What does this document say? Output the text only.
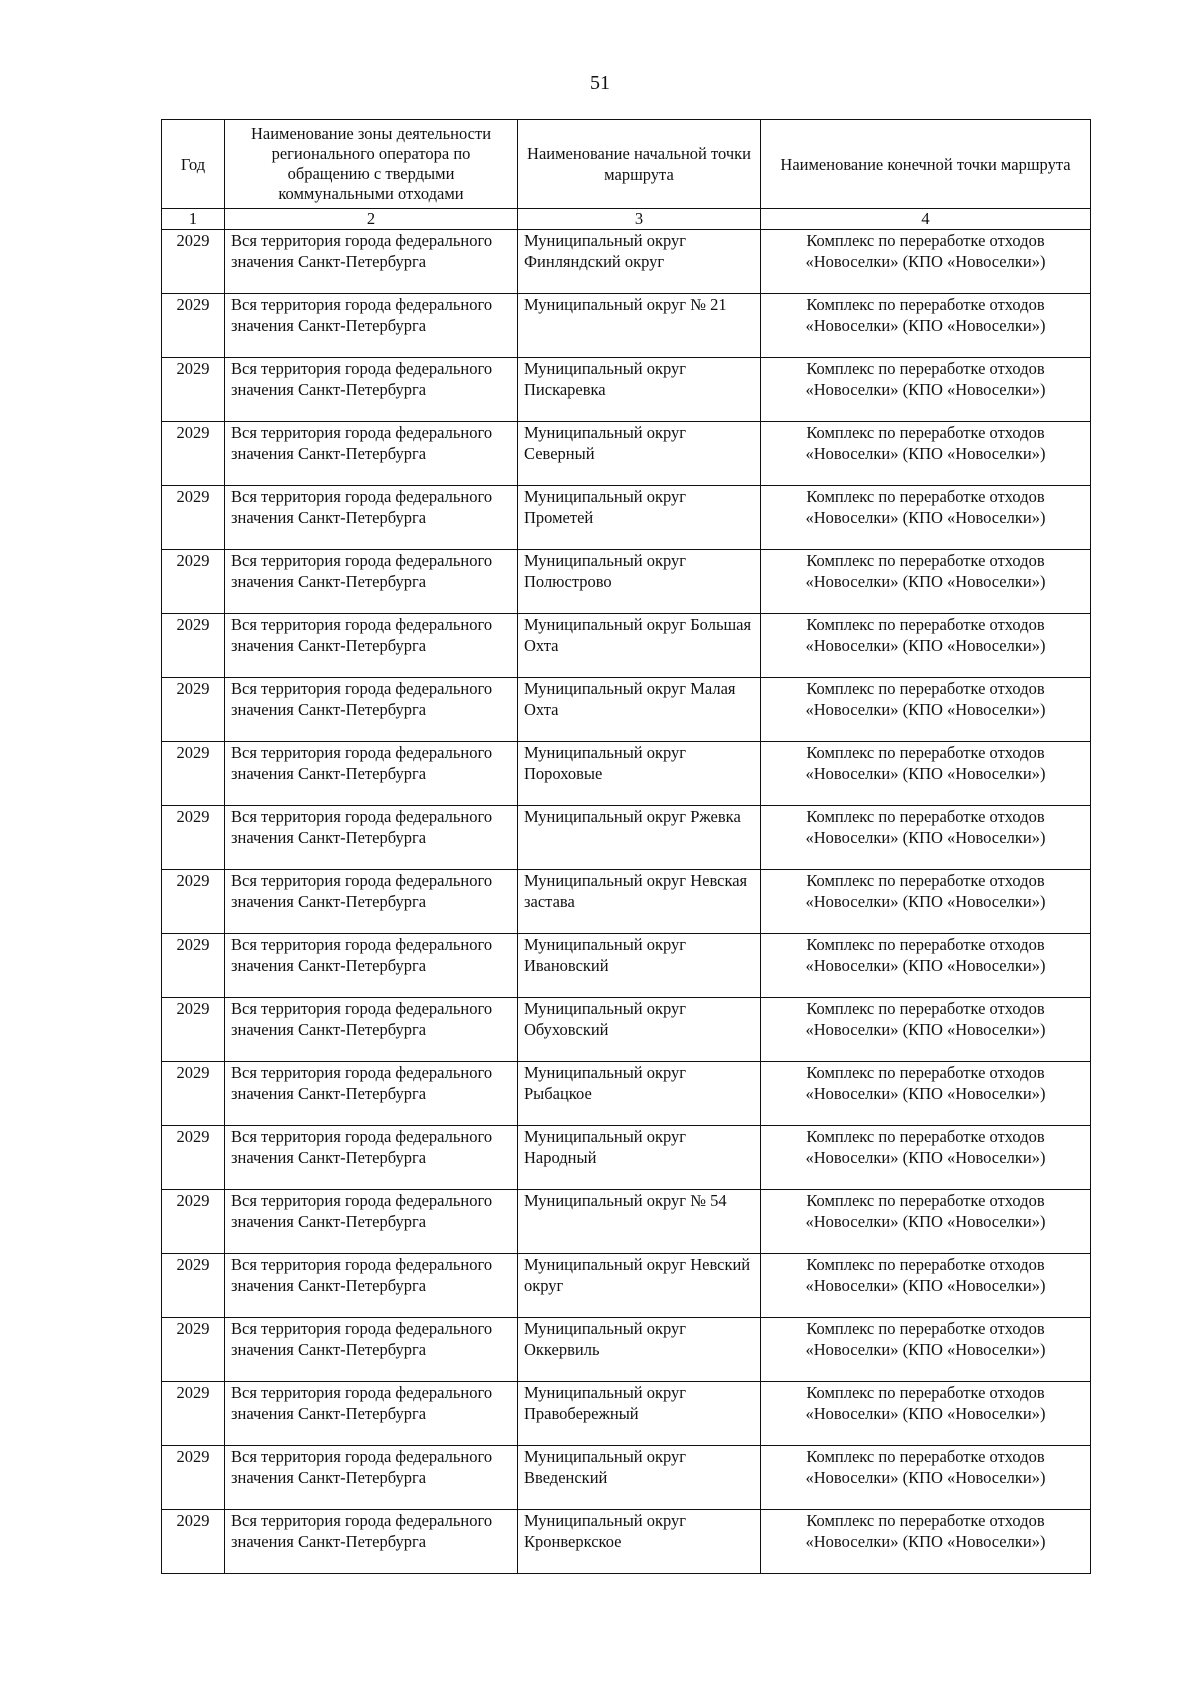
51
Год	Наименование зоны деятельности регионального оператора по обращению с твердыми коммунальными отходами	Наименование начальной точки маршрута	Наименование конечной точки маршрута
1	2	3	4
2029	Вся территория города федерального значения Санкт-Петербурга	Муниципальный округ Финляндский округ	Комплекс по переработке отходов «Новоселки» (КПО «Новоселки»)
2029	Вся территория города федерального значения Санкт-Петербурга	Муниципальный округ № 21	Комплекс по переработке отходов «Новоселки» (КПО «Новоселки»)
2029	Вся территория города федерального значения Санкт-Петербурга	Муниципальный округ Пискаревка	Комплекс по переработке отходов «Новоселки» (КПО «Новоселки»)
2029	Вся территория города федерального значения Санкт-Петербурга	Муниципальный округ Северный	Комплекс по переработке отходов «Новоселки» (КПО «Новоселки»)
2029	Вся территория города федерального значения Санкт-Петербурга	Муниципальный округ Прометей	Комплекс по переработке отходов «Новоселки» (КПО «Новоселки»)
2029	Вся территория города федерального значения Санкт-Петербурга	Муниципальный округ Полюстрово	Комплекс по переработке отходов «Новоселки» (КПО «Новоселки»)
2029	Вся территория города федерального значения Санкт-Петербурга	Муниципальный округ Большая Охта	Комплекс по переработке отходов «Новоселки» (КПО «Новоселки»)
2029	Вся территория города федерального значения Санкт-Петербурга	Муниципальный округ Малая Охта	Комплекс по переработке отходов «Новоселки» (КПО «Новоселки»)
2029	Вся территория города федерального значения Санкт-Петербурга	Муниципальный округ Пороховые	Комплекс по переработке отходов «Новоселки» (КПО «Новоселки»)
2029	Вся территория города федерального значения Санкт-Петербурга	Муниципальный округ Ржевка	Комплекс по переработке отходов «Новоселки» (КПО «Новоселки»)
2029	Вся территория города федерального значения Санкт-Петербурга	Муниципальный округ Невская застава	Комплекс по переработке отходов «Новоселки» (КПО «Новоселки»)
2029	Вся территория города федерального значения Санкт-Петербурга	Муниципальный округ Ивановский	Комплекс по переработке отходов «Новоселки» (КПО «Новоселки»)
2029	Вся территория города федерального значения Санкт-Петербурга	Муниципальный округ Обуховский	Комплекс по переработке отходов «Новоселки» (КПО «Новоселки»)
2029	Вся территория города федерального значения Санкт-Петербурга	Муниципальный округ Рыбацкое	Комплекс по переработке отходов «Новоселки» (КПО «Новоселки»)
2029	Вся территория города федерального значения Санкт-Петербурга	Муниципальный округ Народный	Комплекс по переработке отходов «Новоселки» (КПО «Новоселки»)
2029	Вся территория города федерального значения Санкт-Петербурга	Муниципальный округ № 54	Комплекс по переработке отходов «Новоселки» (КПО «Новоселки»)
2029	Вся территория города федерального значения Санкт-Петербурга	Муниципальный округ Невский округ	Комплекс по переработке отходов «Новоселки» (КПО «Новоселки»)
2029	Вся территория города федерального значения Санкт-Петербурга	Муниципальный округ Оккервиль	Комплекс по переработке отходов «Новоселки» (КПО «Новоселки»)
2029	Вся территория города федерального значения Санкт-Петербурга	Муниципальный округ Правобережный	Комплекс по переработке отходов «Новоселки» (КПО «Новоселки»)
2029	Вся территория города федерального значения Санкт-Петербурга	Муниципальный округ Введенский	Комплекс по переработке отходов «Новоселки» (КПО «Новоселки»)
2029	Вся территория города федерального значения Санкт-Петербурга	Муниципальный округ Кронверкское	Комплекс по переработке отходов «Новоселки» (КПО «Новоселки»)
